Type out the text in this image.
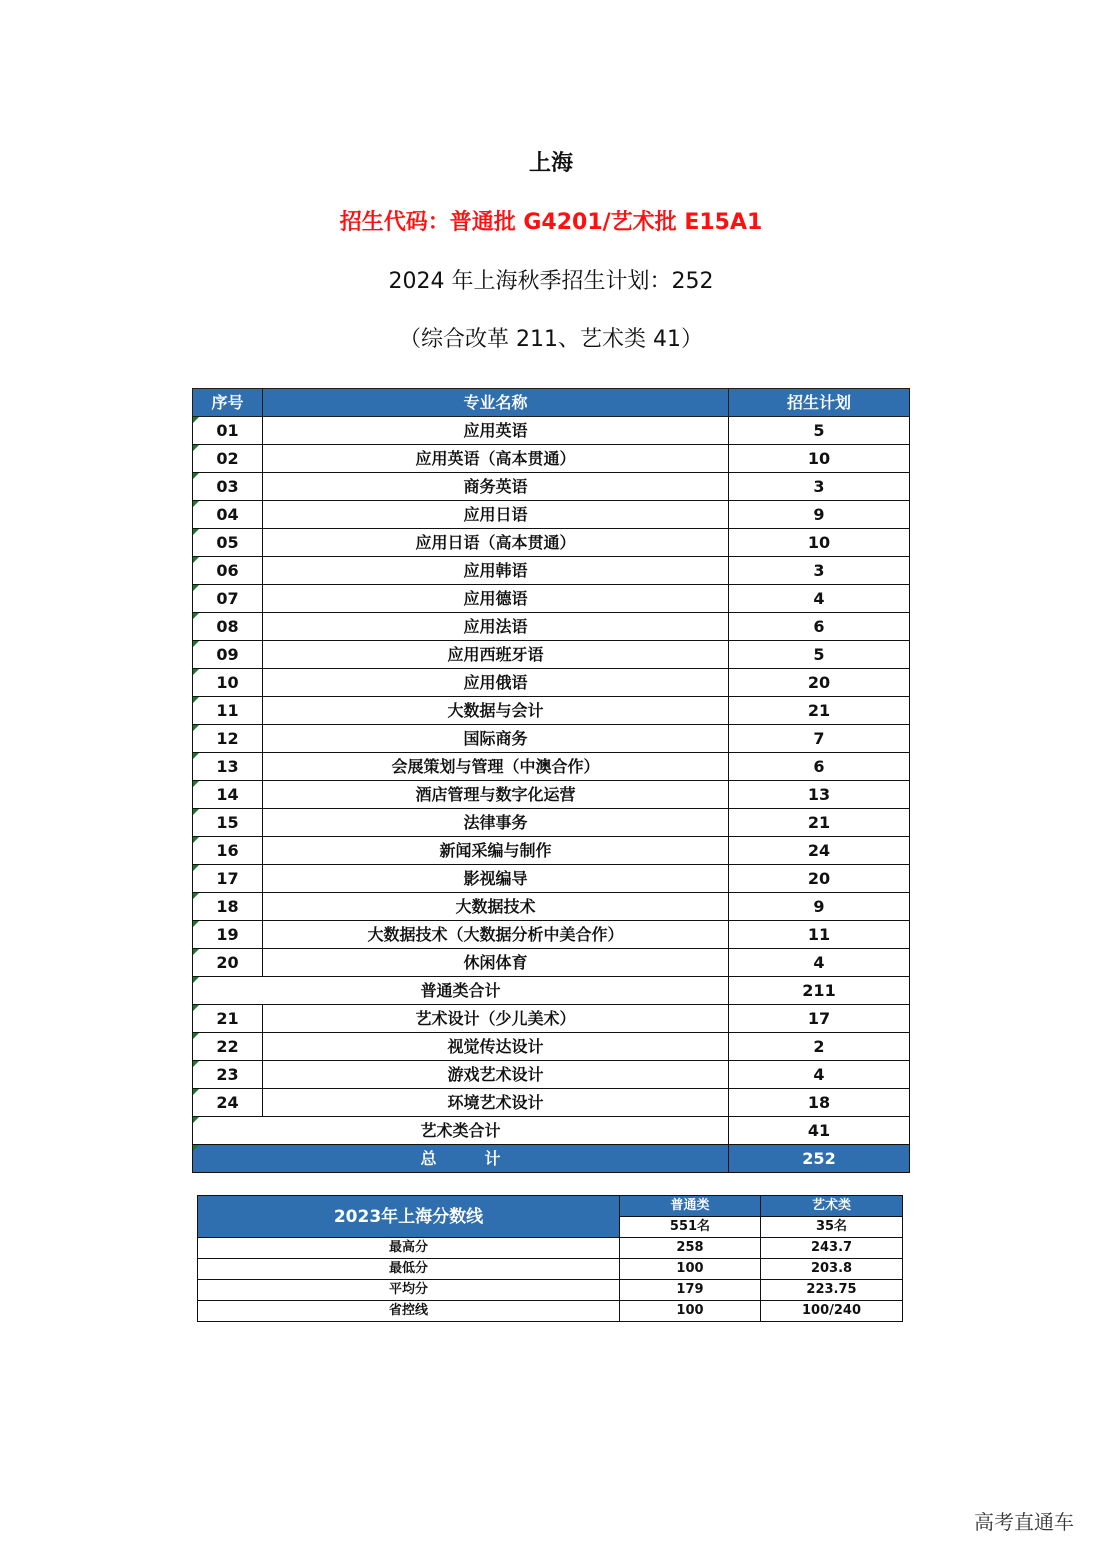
上海
招生代码：普通批 G4201/艺术批 E15A1
2024 年上海秋季招生计划：252
（综合改革 211、艺术类 41）
序号	专业名称	招生计划
01	应用英语	5
02	应用英语（高本贯通）	10
03	商务英语	3
04	应用日语	9
05	应用日语（高本贯通）	10
06	应用韩语	3
07	应用德语	4
08	应用法语	6
09	应用西班牙语	5
10	应用俄语	20
11	大数据与会计	21
12	国际商务	7
13	会展策划与管理（中澳合作）	6
14	酒店管理与数字化运营	13
15	法律事务	21
16	新闻采编与制作	24
17	影视编导	20
18	大数据技术	9
19	大数据技术（大数据分析中美合作）	11
20	休闲体育	4
普通类合计		211
21	艺术设计（少儿美术）	17
22	视觉传达设计	2
23	游戏艺术设计	4
24	环境艺术设计	18
艺术类合计		41
总　　　计		252
2023年上海分数线	普通类	艺术类
	551名	35名
最高分	258	243.7
最低分	100	203.8
平均分	179	223.75
省控线	100	100/240
高考直通车
